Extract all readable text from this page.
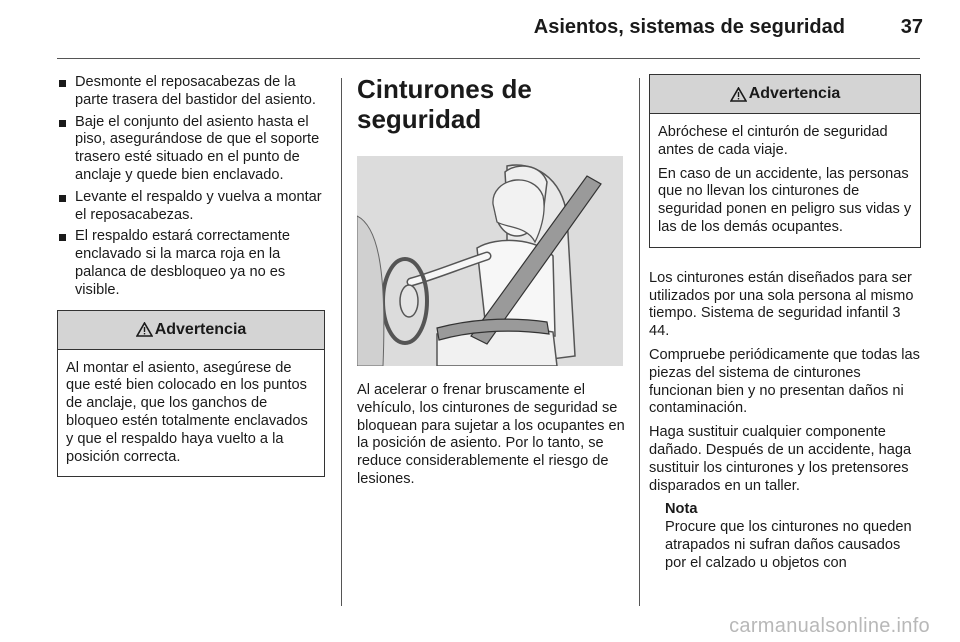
Asientos, sistemas de seguridad	37
Desmonte el reposacabezas de la parte trasera del bastidor del asiento.
Baje el conjunto del asiento hasta el piso, asegurándose de que el soporte trasero esté situado en el punto de anclaje y quede bien enclavado.
Levante el respaldo y vuelva a montar el reposacabezas.
El respaldo estará correctamente enclavado si la marca roja en la palanca de desbloqueo ya no es visible.
Advertencia

Al montar el asiento, asegúrese de que esté bien colocado en los puntos de anclaje, que los ganchos de bloqueo estén totalmente enclavados y que el respaldo haya vuelto a la posición correcta.

Cinturones de seguridad

Al acelerar o frenar bruscamente el vehículo, los cinturones de seguridad se bloquean para sujetar a los ocupantes en la posición de asiento. Por lo tanto, se reduce considerablemente el riesgo de lesiones.

Advertencia

Abróchese el cinturón de seguridad antes de cada viaje.

En caso de un accidente, las personas que no llevan los cinturones de seguridad ponen en peligro sus vidas y las de los demás ocupantes.

Los cinturones están diseñados para ser utilizados por una sola persona al mismo tiempo. Sistema de seguridad infantil 3 44.

Compruebe periódicamente que todas las piezas del sistema de cinturones funcionan bien y no presentan daños ni contaminación.

Haga sustituir cualquier componente dañado. Después de un accidente, haga sustituir los cinturones y los pretensores disparados en un taller.

Nota
Procure que los cinturones no queden atrapados ni sufran daños causados por el calzado u objetos con
carmanualsonline.info
